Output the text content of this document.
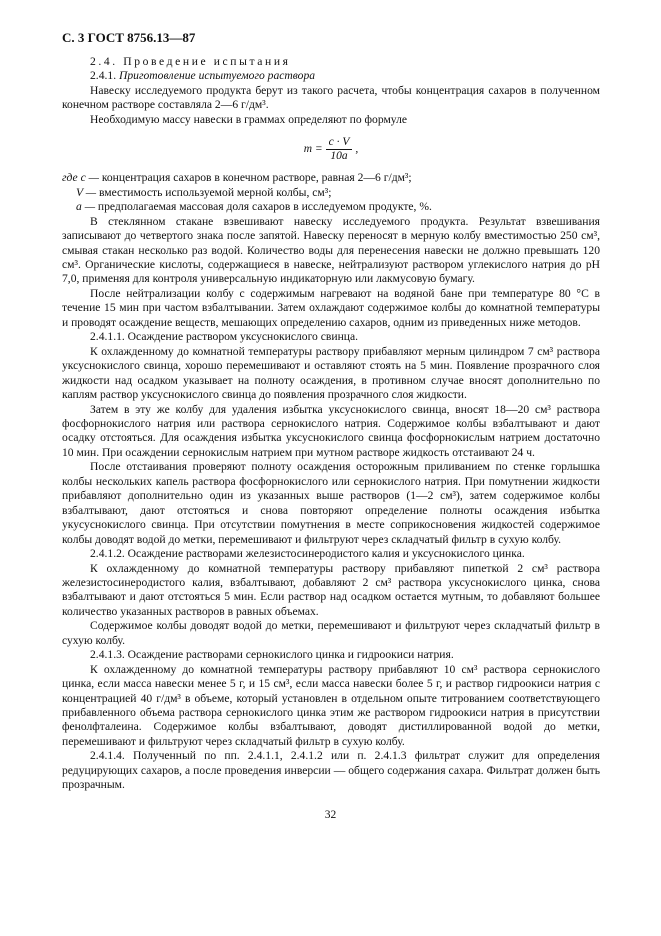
С. 3 ГОСТ 8756.13—87

2.4. Проведение испытания

2.4.1. Приготовление испытуемого раствора

Навеску исследуемого продукта берут из такого расчета, чтобы концентрация сахаров в полученном конечном растворе составляла 2—6 г/дм³.

Необходимую массу навески в граммах определяют по формуле

$m = \frac{c \cdot V}{10a}$ ,

где c — концентрация сахаров в конечном растворе, равная 2—6 г/дм³;

V — вместимость используемой мерной колбы, см³;

a — предполагаемая массовая доля сахаров в исследуемом продукте, %.

В стеклянном стакане взвешивают навеску исследуемого продукта. Результат взвешивания записывают до четвертого знака после запятой. Навеску переносят в мерную колбу вместимостью 250 см³, смывая стакан несколько раз водой. Количество воды для перенесения навески не должно превышать 120 см³. Органические кислоты, содержащиеся в навеске, нейтрализуют раствором углекислого натрия до pH 7,0, применяя для контроля универсальную индикаторную или лакмусовую бумагу.

После нейтрализации колбу с содержимым нагревают на водяной бане при температуре 80 °С в течение 15 мин при частом взбалтывании. Затем охлаждают содержимое колбы до комнатной температуры и проводят осаждение веществ, мешающих определению сахаров, одним из приведенных ниже методов.

2.4.1.1. Осаждение раствором уксуснокислого свинца.

К охлажденному до комнатной температуры раствору прибавляют мерным цилиндром 7 см³ раствора уксуснокислого свинца, хорошо перемешивают и оставляют стоять на 5 мин. Появление прозрачного слоя жидкости над осадком указывает на полноту осаждения, в противном случае вносят дополнительно по каплям раствор уксуснокислого свинца до появления прозрачного слоя жидкости.

Затем в эту же колбу для удаления избытка уксуснокислого свинца, вносят 18—20 см³ раствора фосфорнокислого натрия или раствора сернокислого натрия. Содержимое колбы взбалтывают и дают осадку отстояться. Для осаждения избытка уксуснокислого свинца фосфорнокислым натрием достаточно 10 мин. При осаждении сернокислым натрием при мутном растворе жидкость отстаивают 24 ч.

После отстаивания проверяют полноту осаждения осторожным приливанием по стенке горлышка колбы нескольких капель раствора фосфорнокислого или сернокислого натрия. При помутнении жидкости прибавляют дополнительно один из указанных выше растворов (1—2 см³), затем содержимое колбы взбалтывают, дают отстояться и снова повторяют определение полноты осаждения избытка укусуснокислого свинца. При отсутствии помутнения в месте соприкосновения жидкостей содержимое колбы доводят водой до метки, перемешивают и фильтруют через складчатый фильтр в сухую колбу.

2.4.1.2. Осаждение растворами железистосинеродистого калия и уксуснокислого цинка.

К охлажденному до комнатной температуры раствору прибавляют пипеткой 2 см³ раствора железистосинеродистого калия, взбалтывают, добавляют 2 см³ раствора уксуснокислого цинка, снова взбалтывают и дают отстояться 5 мин. Если раствор над осадком остается мутным, то добавляют большее количество указанных растворов в равных объемах.

Содержимое колбы доводят водой до метки, перемешивают и фильтруют через складчатый фильтр в сухую колбу.

2.4.1.3. Осаждение растворами сернокислого цинка и гидроокиси натрия.

К охлажденному до комнатной температуры раствору прибавляют 10 см³ раствора сернокислого цинка, если масса навески менее 5 г, и 15 см³, если масса навески более 5 г, и раствор гидроокиси натрия с концентрацией 40 г/дм³ в объеме, который установлен в отдельном опыте титрованием соответствующего прибавленного объема раствора сернокислого цинка этим же раствором гидроокиси натрия в присутствии фенолфталеина. Содержимое колбы взбалтывают, доводят дистиллированной водой до метки, перемешивают и фильтруют через складчатый фильтр в сухую колбу.

2.4.1.4. Полученный по пп. 2.4.1.1, 2.4.1.2 или п. 2.4.1.3 фильтрат служит для определения редуцирующих сахаров, а после проведения инверсии — общего содержания сахара. Фильтрат должен быть прозрачным.

32
